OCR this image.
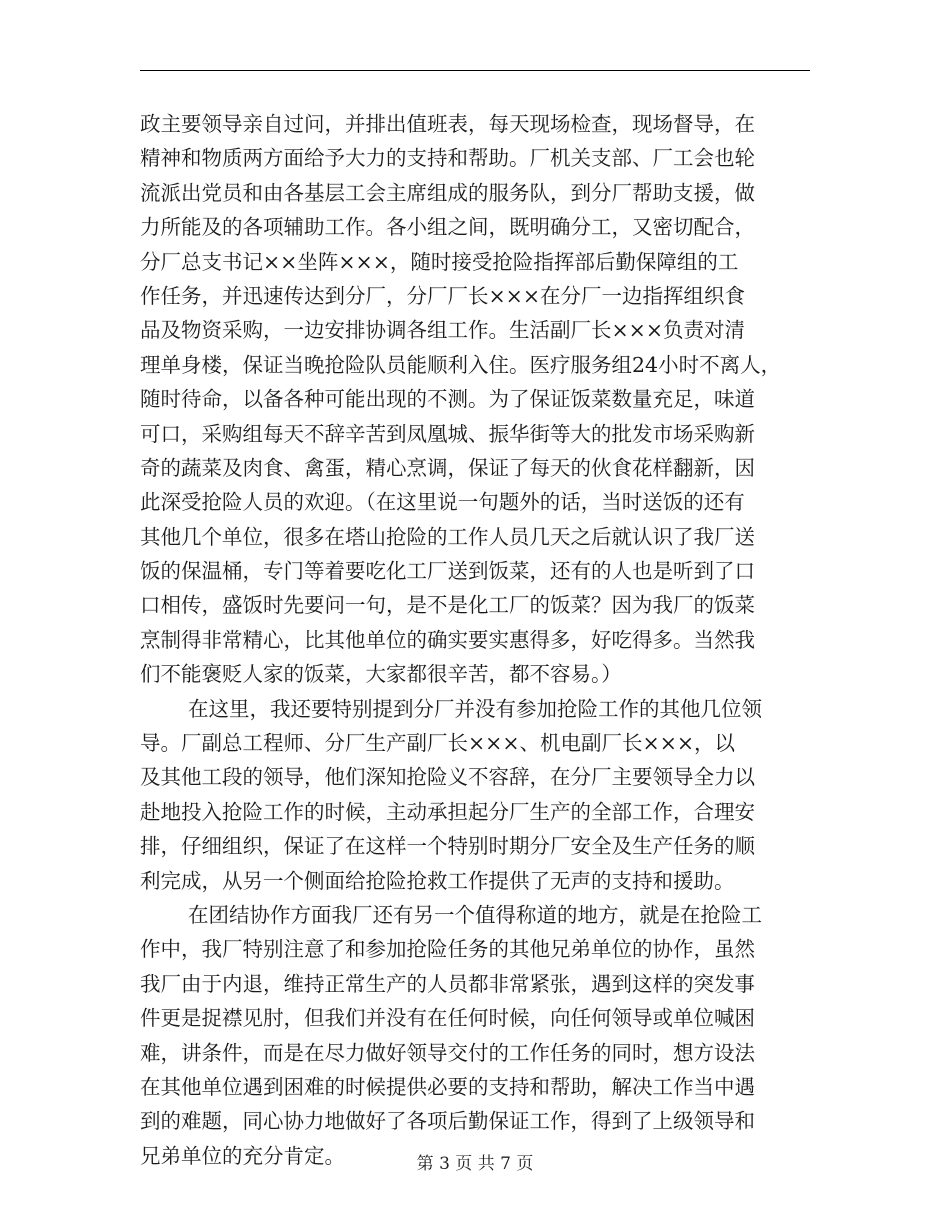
政主要领导亲自过问，并排出值班表，每天现场检查，现场督导，在
精神和物质两方面给予大力的支持和帮助。厂机关支部、厂工会也轮
流派出党员和由各基层工会主席组成的服务队，到分厂帮助支援，做
力所能及的各项辅助工作。各小组之间，既明确分工，又密切配合，
分厂总支书记××坐阵×××，随时接受抢险指挥部后勤保障组的工
作任务，并迅速传达到分厂，分厂厂长×××在分厂一边指挥组织食
品及物资采购，一边安排协调各组工作。生活副厂长×××负责对清
理单身楼，保证当晚抢险队员能顺利入住。医疗服务组24小时不离人，
随时待命，以备各种可能出现的不测。为了保证饭菜数量充足，味道
可口，采购组每天不辞辛苦到凤凰城、振华街等大的批发市场采购新
奇的蔬菜及肉食、禽蛋，精心烹调，保证了每天的伙食花样翻新，因
此深受抢险人员的欢迎。（在这里说一句题外的话，当时送饭的还有
其他几个单位，很多在塔山抢险的工作人员几天之后就认识了我厂送
饭的保温桶，专门等着要吃化工厂送到饭菜，还有的人也是听到了口
口相传，盛饭时先要问一句，是不是化工厂的饭菜？因为我厂的饭菜
烹制得非常精心，比其他单位的确实要实惠得多，好吃得多。当然我
们不能褒贬人家的饭菜，大家都很辛苦，都不容易。）
在这里，我还要特别提到分厂并没有参加抢险工作的其他几位领
导。厂副总工程师、分厂生产副厂长×××、机电副厂长×××，以
及其他工段的领导，他们深知抢险义不容辞，在分厂主要领导全力以
赴地投入抢险工作的时候，主动承担起分厂生产的全部工作，合理安
排，仔细组织，保证了在这样一个特别时期分厂安全及生产任务的顺
利完成，从另一个侧面给抢险抢救工作提供了无声的支持和援助。
在团结协作方面我厂还有另一个值得称道的地方，就是在抢险工
作中，我厂特别注意了和参加抢险任务的其他兄弟单位的协作，虽然
我厂由于内退，维持正常生产的人员都非常紧张，遇到这样的突发事
件更是捉襟见肘，但我们并没有在任何时候，向任何领导或单位喊困
难，讲条件，而是在尽力做好领导交付的工作任务的同时，想方设法
在其他单位遇到困难的时候提供必要的支持和帮助，解决工作当中遇
到的难题，同心协力地做好了各项后勤保证工作，得到了上级领导和
兄弟单位的充分肯定。	第 3 页 共 7 页
